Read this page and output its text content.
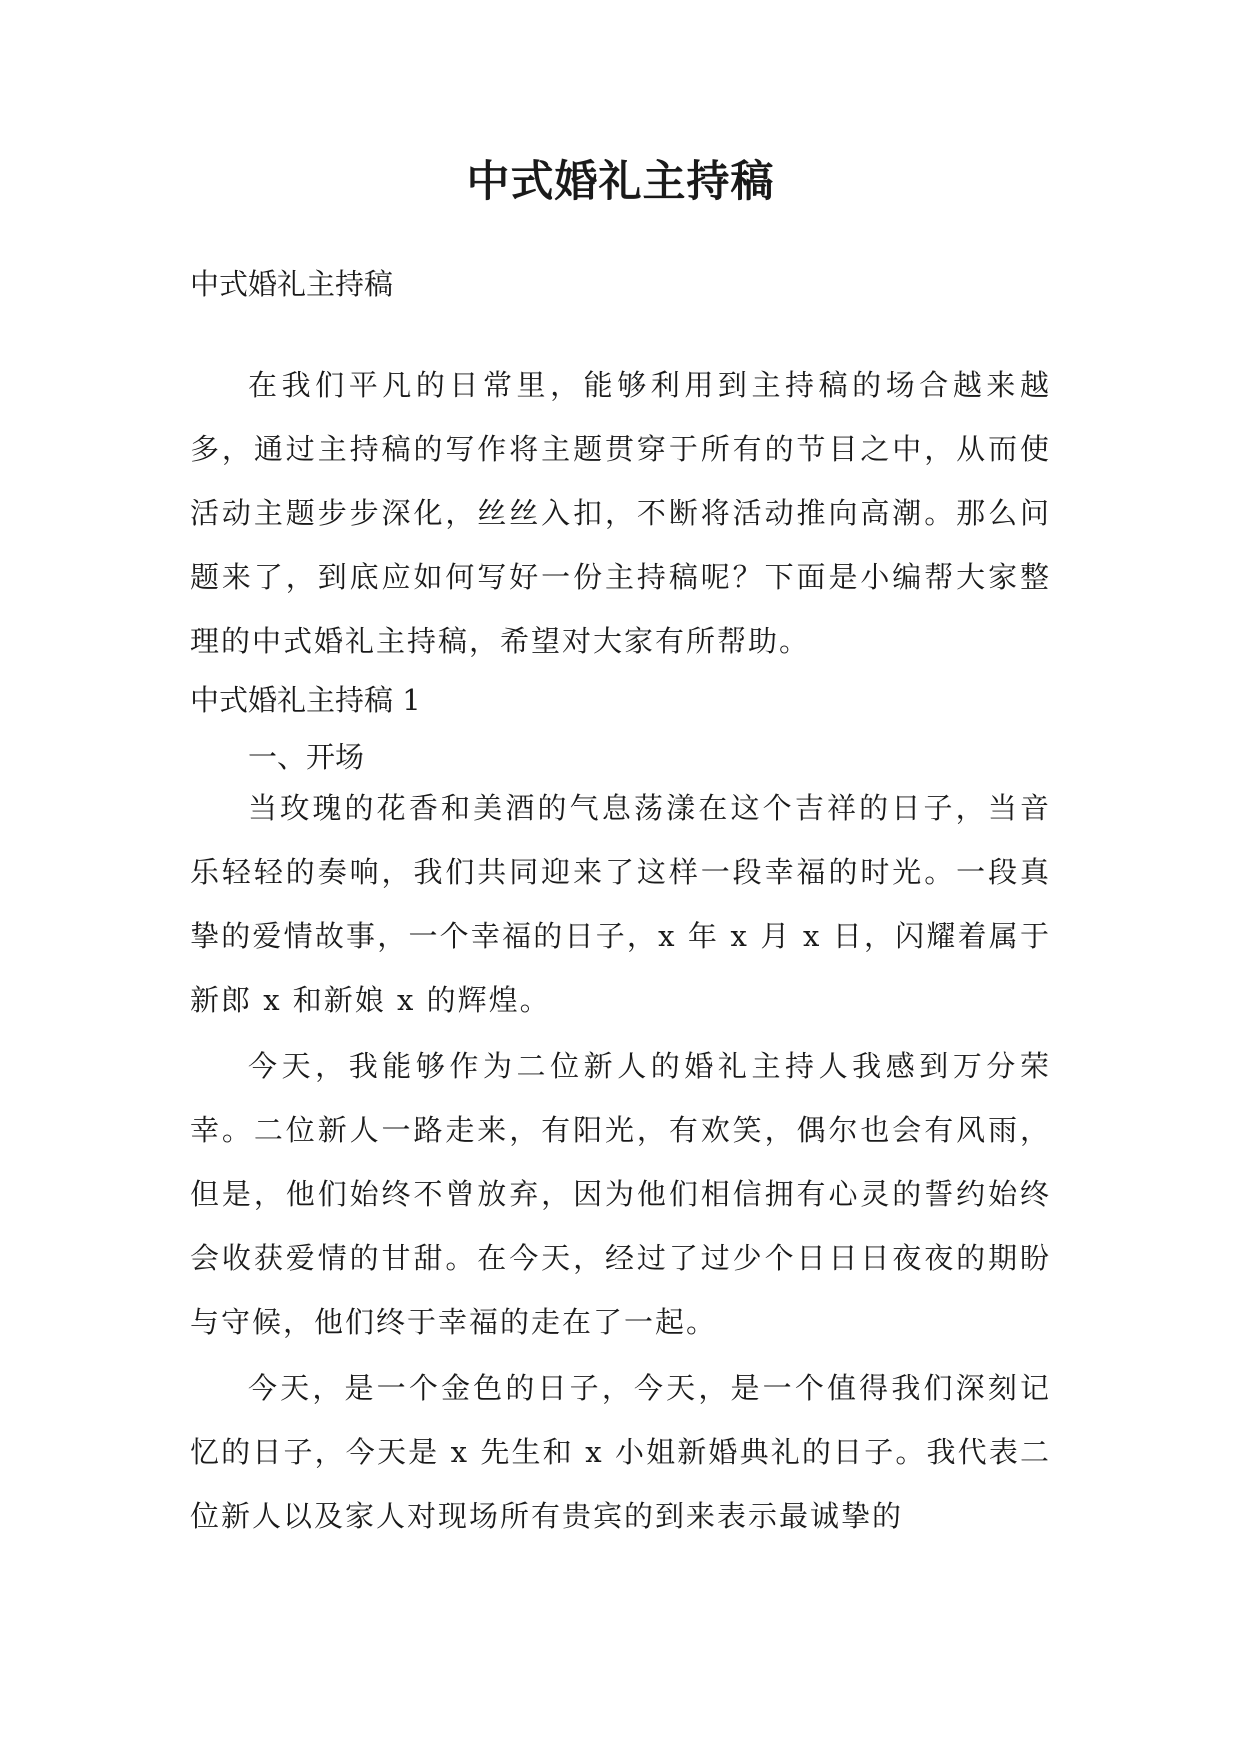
中式婚礼主持稿

中式婚礼主持稿

在我们平凡的日常里，能够利用到主持稿的场合越来越多，通过主持稿的写作将主题贯穿于所有的节目之中，从而使活动主题步步深化，丝丝入扣，不断将活动推向高潮。那么问题来了，到底应如何写好一份主持稿呢？下面是小编帮大家整理的中式婚礼主持稿，希望对大家有所帮助。

中式婚礼主持稿 1

一、开场

当玫瑰的花香和美酒的气息荡漾在这个吉祥的日子，当音乐轻轻的奏响，我们共同迎来了这样一段幸福的时光。一段真挚的爱情故事，一个幸福的日子，x 年 x 月 x 日，闪耀着属于新郎 x 和新娘 x 的辉煌。

今天，我能够作为二位新人的婚礼主持人我感到万分荣幸。二位新人一路走来，有阳光，有欢笑，偶尔也会有风雨，但是，他们始终不曾放弃，因为他们相信拥有心灵的誓约始终会收获爱情的甘甜。在今天，经过了过少个日日日夜夜的期盼与守候，他们终于幸福的走在了一起。

今天，是一个金色的日子，今天，是一个值得我们深刻记忆的日子，今天是 x 先生和 x 小姐新婚典礼的日子。我代表二位新人以及家人对现场所有贵宾的到来表示最诚挚的
